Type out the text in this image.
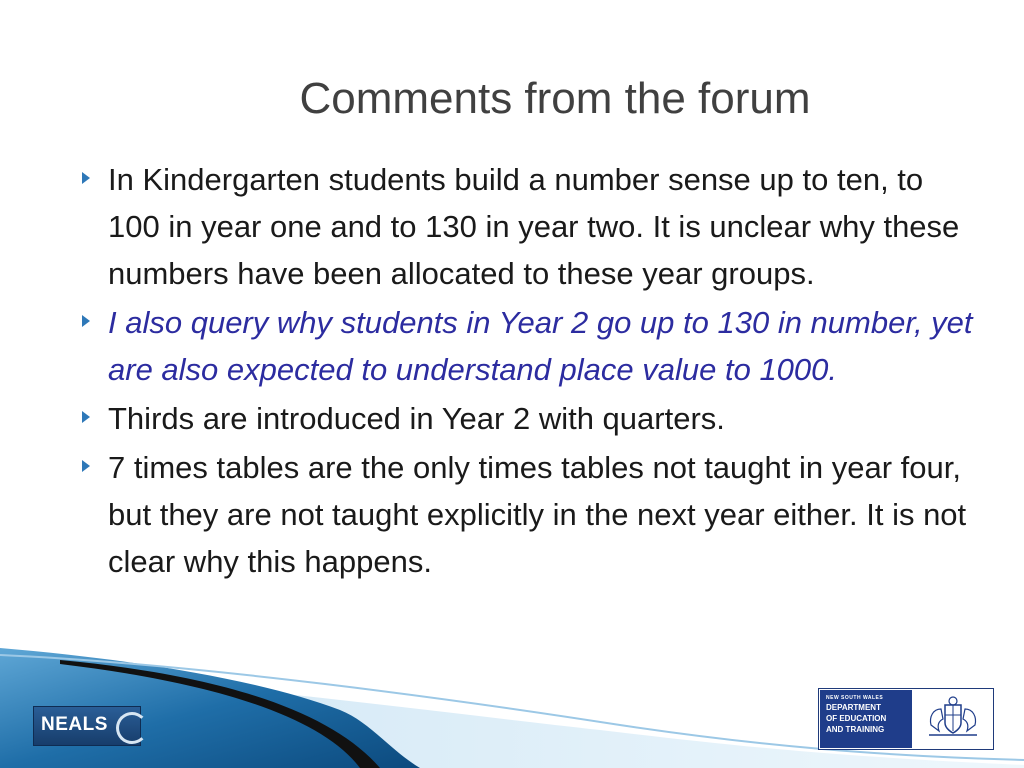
Comments from the forum
In Kindergarten students build a number sense up to ten, to 100 in year one and to 130 in year two. It is unclear why these numbers have been allocated to these year groups.
I also query why students in Year 2 go up to 130 in number, yet are also expected to understand place value to 1000.
Thirds are introduced in Year 2 with quarters.
7 times tables are the only times tables not taught in year four, but they are not taught explicitly in the next year either. It is not clear why this happens.
NEALS
NEW SOUTH WALES
DEPARTMENT
OF EDUCATION
AND TRAINING
